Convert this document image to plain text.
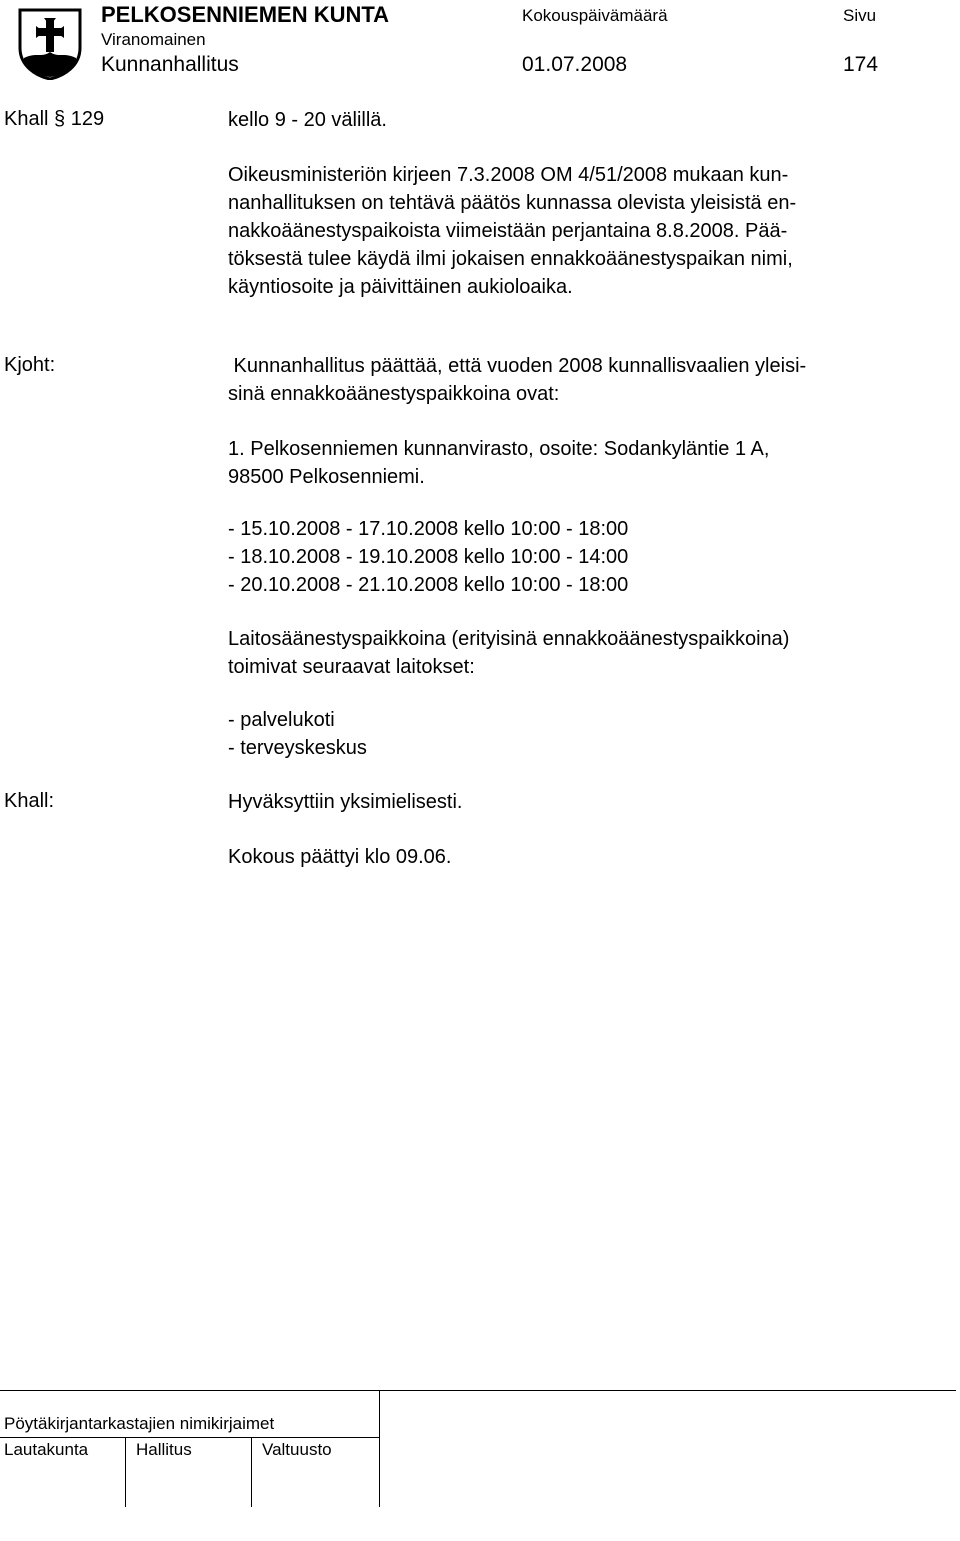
PELKOSENNIEMEN KUNTA
Viranomainen
Kunnanhallitus
Kokouspäivämäärä
01.07.2008
Sivu
174
Khall § 129	kello 9 - 20 välillä.
Oikeusministeriön kirjeen 7.3.2008 OM 4/51/2008 mukaan kun-
nanhallituksen on tehtävä päätös kunnassa olevista yleisistä en-
nakkoäänestyspaikoista viimeistään perjantaina 8.8.2008. Pää-
töksestä tulee käydä ilmi jokaisen ennakkoäänestyspaikan nimi,
käyntiosoite ja päivittäinen aukioloaika.
Kjoht:	Kunnanhallitus päättää, että vuoden 2008 kunnallisvaalien yleisi-
sinä ennakkoäänestyspaikkoina ovat:
1. Pelkosenniemen kunnanvirasto, osoite: Sodankyläntie 1 A,
98500 Pelkosenniemi.
- 15.10.2008 - 17.10.2008 kello 10:00 - 18:00
- 18.10.2008 - 19.10.2008 kello 10:00 - 14:00
- 20.10.2008 - 21.10.2008 kello 10:00 - 18:00
Laitosäänestyspaikkoina (erityisinä ennakkoäänestyspaikkoina)
toimivat seuraavat laitokset:
- palvelukoti
- terveyskeskus
Khall:	Hyväksyttiin yksimielisesti.
Kokous päättyi klo 09.06.
Pöytäkirjantarkastajien nimikirjaimet
Lautakunta	Hallitus	Valtuusto
